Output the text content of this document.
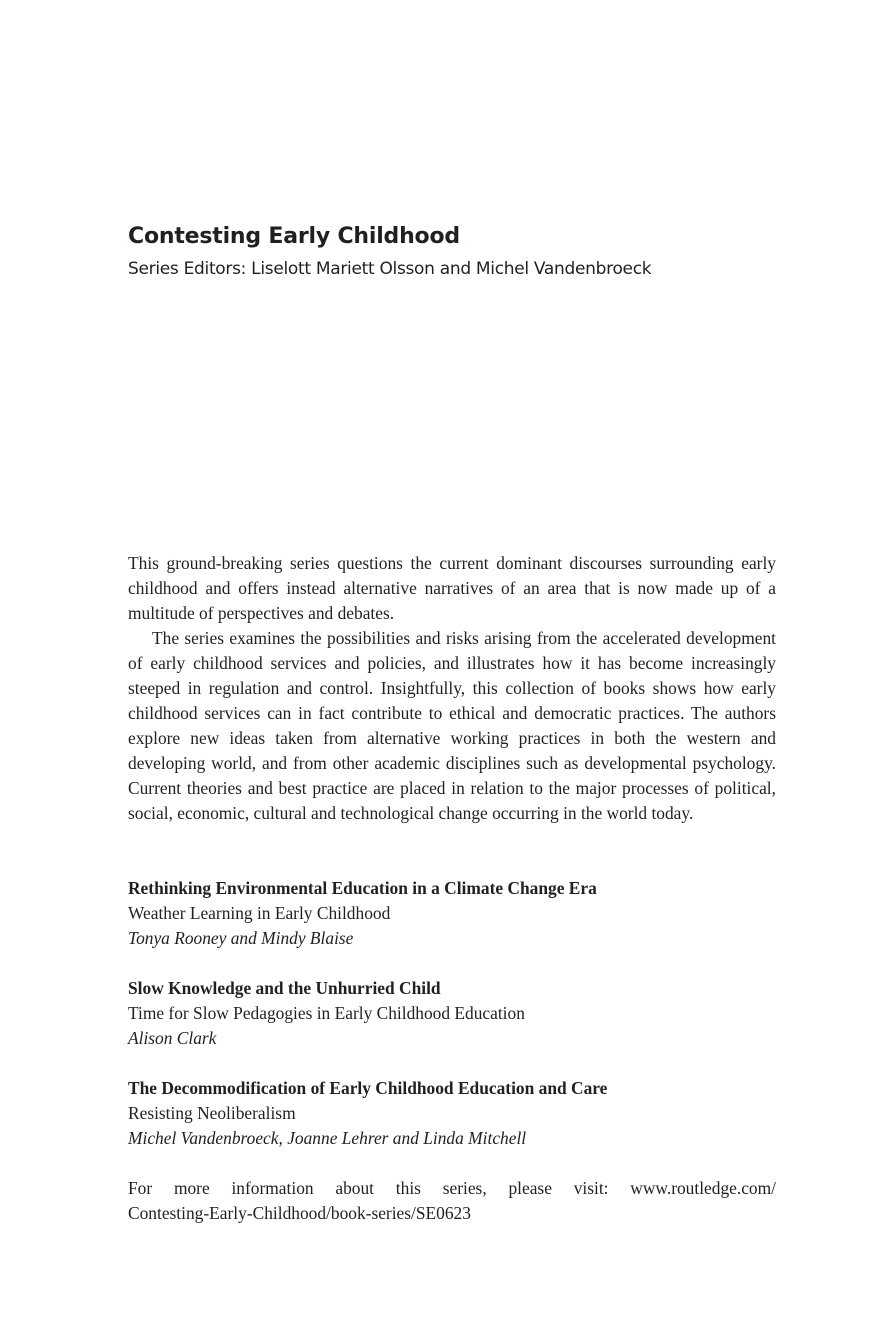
Contesting Early Childhood

Series Editors: Liselott Mariett Olsson and Michel Vandenbroeck

This ground-breaking series questions the current dominant discourses surrounding early childhood and offers instead alternative narratives of an area that is now made up of a multitude of perspectives and debates.

The series examines the possibilities and risks arising from the accelerated development of early childhood services and policies, and illustrates how it has become increasingly steeped in regulation and control. Insightfully, this collection of books shows how early childhood services can in fact contribute to ethical and democratic practices. The authors explore new ideas taken from alternative working practices in both the western and developing world, and from other academic disciplines such as developmental psychology. Current theories and best practice are placed in relation to the major processes of political, social, economic, cultural and technological change occurring in the world today.

Rethinking Environmental Education in a Climate Change Era
Weather Learning in Early Childhood
Tonya Rooney and Mindy Blaise
Slow Knowledge and the Unhurried Child
Time for Slow Pedagogies in Early Childhood Education
Alison Clark
The Decommodification of Early Childhood Education and Care
Resisting Neoliberalism
Michel Vandenbroeck, Joanne Lehrer and Linda Mitchell
For more information about this series, please visit: www.routledge.com/
Contesting-Early-Childhood/book-series/SE0623
